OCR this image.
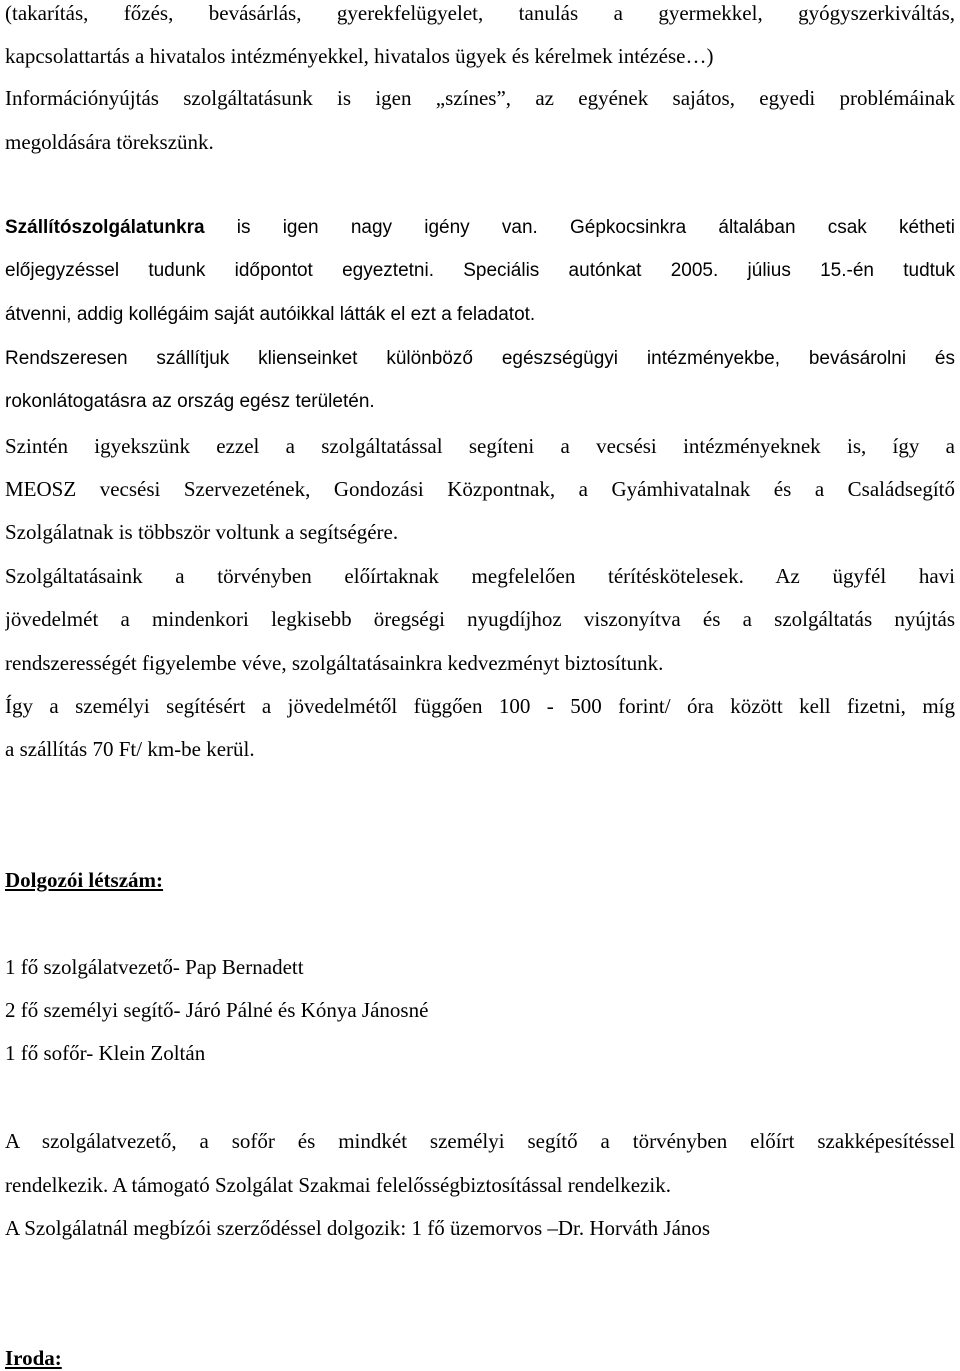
(takarítás, főzés, bevásárlás, gyerekfelügyelet, tanulás a gyermekkel, gyógyszerkiváltás,

kapcsolattartás a hivatalos intézményekkel, hivatalos ügyek és kérelmek intézése…)

Információnyújtás szolgáltatásunk is igen „színes”, az egyének sajátos, egyedi problémáinak

megoldására törekszünk.

Szállítószolgálatunkra is igen nagy igény van. Gépkocsinkra általában csak kétheti

előjegyzéssel tudunk időpontot egyeztetni. Speciális autónkat 2005. július 15.-én tudtuk

átvenni, addig kollégáim saját autóikkal látták el ezt a feladatot.

Rendszeresen szállítjuk klienseinket különböző egészségügyi intézményekbe, bevásárolni és

rokonlátogatásra az ország egész területén.

Szintén igyekszünk ezzel a szolgáltatással segíteni a vecsési intézményeknek is, így a

MEOSZ vecsési Szervezetének, Gondozási Központnak, a Gyámhivatalnak és a Családsegítő

Szolgálatnak is többször voltunk a segítségére.

Szolgáltatásaink a törvényben előírtaknak megfelelően térítéskötelesek. Az ügyfél havi

jövedelmét a mindenkori legkisebb öregségi nyugdíjhoz viszonyítva és a szolgáltatás nyújtás

rendszerességét figyelembe véve, szolgáltatásainkra kedvezményt biztosítunk.

Így a személyi segítésért a jövedelmétől függően 100 - 500 forint/ óra között kell fizetni, míg

a szállítás 70 Ft/ km-be kerül.

Dolgozói létszám:

1 fő szolgálatvezető- Pap Bernadett

2 fő személyi segítő- Járó Pálné és Kónya Jánosné

1 fő sofőr- Klein Zoltán

A szolgálatvezető, a sofőr és mindkét személyi segítő a törvényben előírt szakképesítéssel

rendelkezik. A támogató Szolgálat Szakmai felelősségbiztosítással rendelkezik.

A Szolgálatnál megbízói szerződéssel dolgozik: 1 fő üzemorvos –Dr. Horváth János

Iroda:
